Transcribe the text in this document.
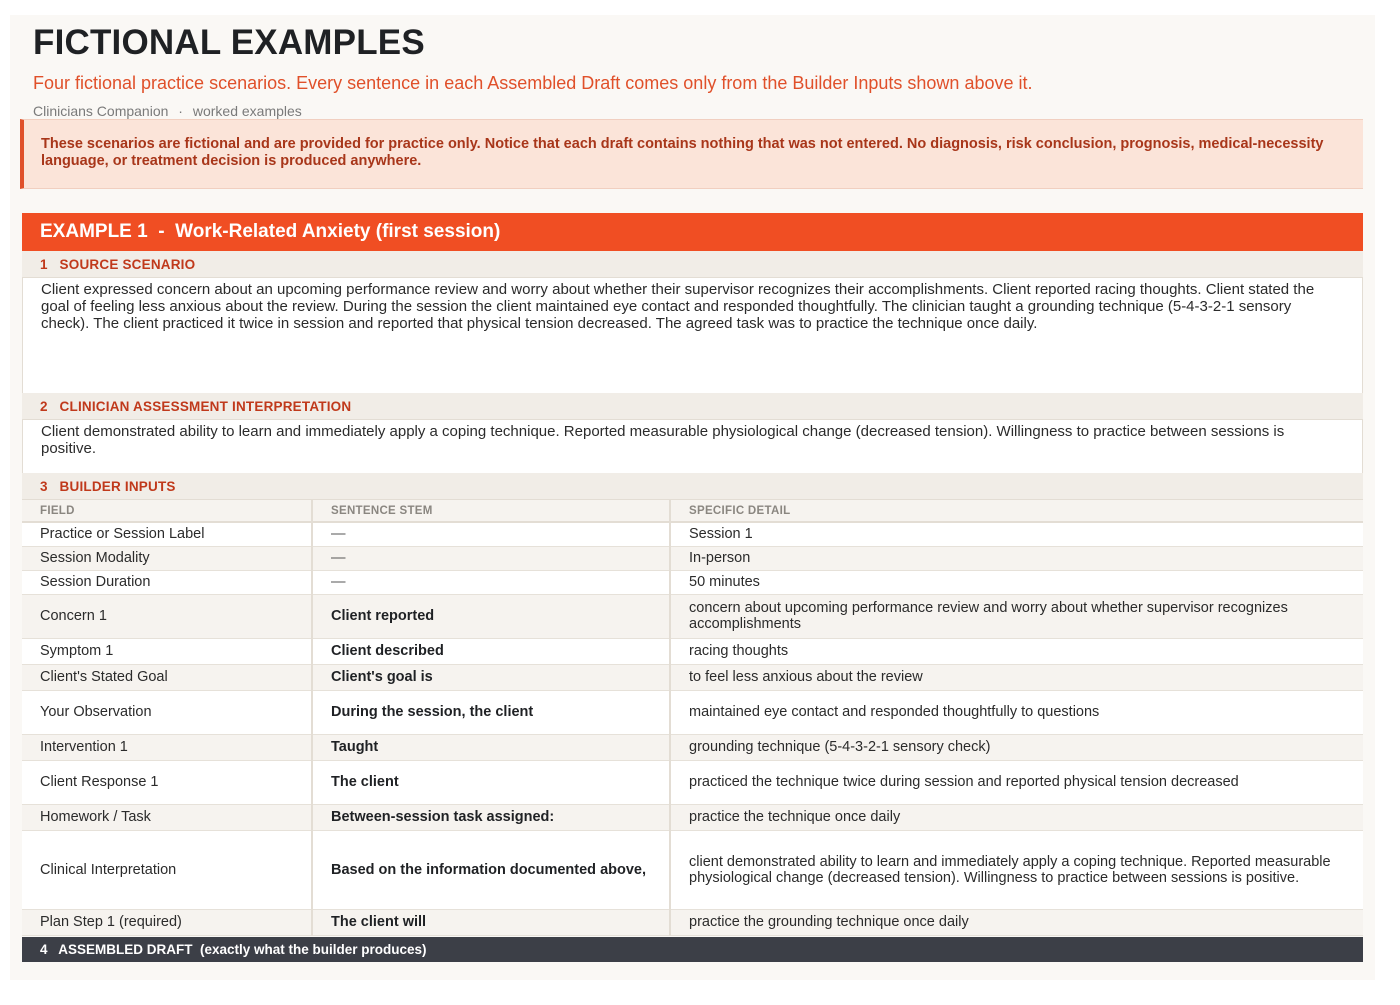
FICTIONAL EXAMPLES
Four fictional practice scenarios. Every sentence in each Assembled Draft comes only from the Builder Inputs shown above it.
Clinicians Companion · worked examples
These scenarios are fictional and are provided for practice only. Notice that each draft contains nothing that was not entered. No diagnosis, risk conclusion, prognosis, medical-necessity language, or treatment decision is produced anywhere.
EXAMPLE 1  -  Work-Related Anxiety (first session)
1   SOURCE SCENARIO
Client expressed concern about an upcoming performance review and worry about whether their supervisor recognizes their accomplishments. Client reported racing thoughts. Client stated the goal of feeling less anxious about the review. During the session the client maintained eye contact and responded thoughtfully. The clinician taught a grounding technique (5-4-3-2-1 sensory check). The client practiced it twice in session and reported that physical tension decreased. The agreed task was to practice the technique once daily.
2   CLINICIAN ASSESSMENT INTERPRETATION
Client demonstrated ability to learn and immediately apply a coping technique. Reported measurable physiological change (decreased tension). Willingness to practice between sessions is positive.
3   BUILDER INPUTS
FIELD	SENTENCE STEM	SPECIFIC DETAIL
Practice or Session Label	—	Session 1
Session Modality	—	In-person
Session Duration	—	50 minutes
Concern 1	Client reported	concern about upcoming performance review and worry about whether supervisor recognizes accomplishments
Symptom 1	Client described	racing thoughts
Client's Stated Goal	Client's goal is	to feel less anxious about the review
Your Observation	During the session, the client	maintained eye contact and responded thoughtfully to questions
Intervention 1	Taught	grounding technique (5-4-3-2-1 sensory check)
Client Response 1	The client	practiced the technique twice during session and reported physical tension decreased
Homework / Task	Between-session task assigned:	practice the technique once daily
Clinical Interpretation	Based on the information documented above,	client demonstrated ability to learn and immediately apply a coping technique. Reported measurable physiological change (decreased tension). Willingness to practice between sessions is positive.
Plan Step 1 (required)	The client will	practice the grounding technique once daily
4   ASSEMBLED DRAFT  (exactly what the builder produces)
